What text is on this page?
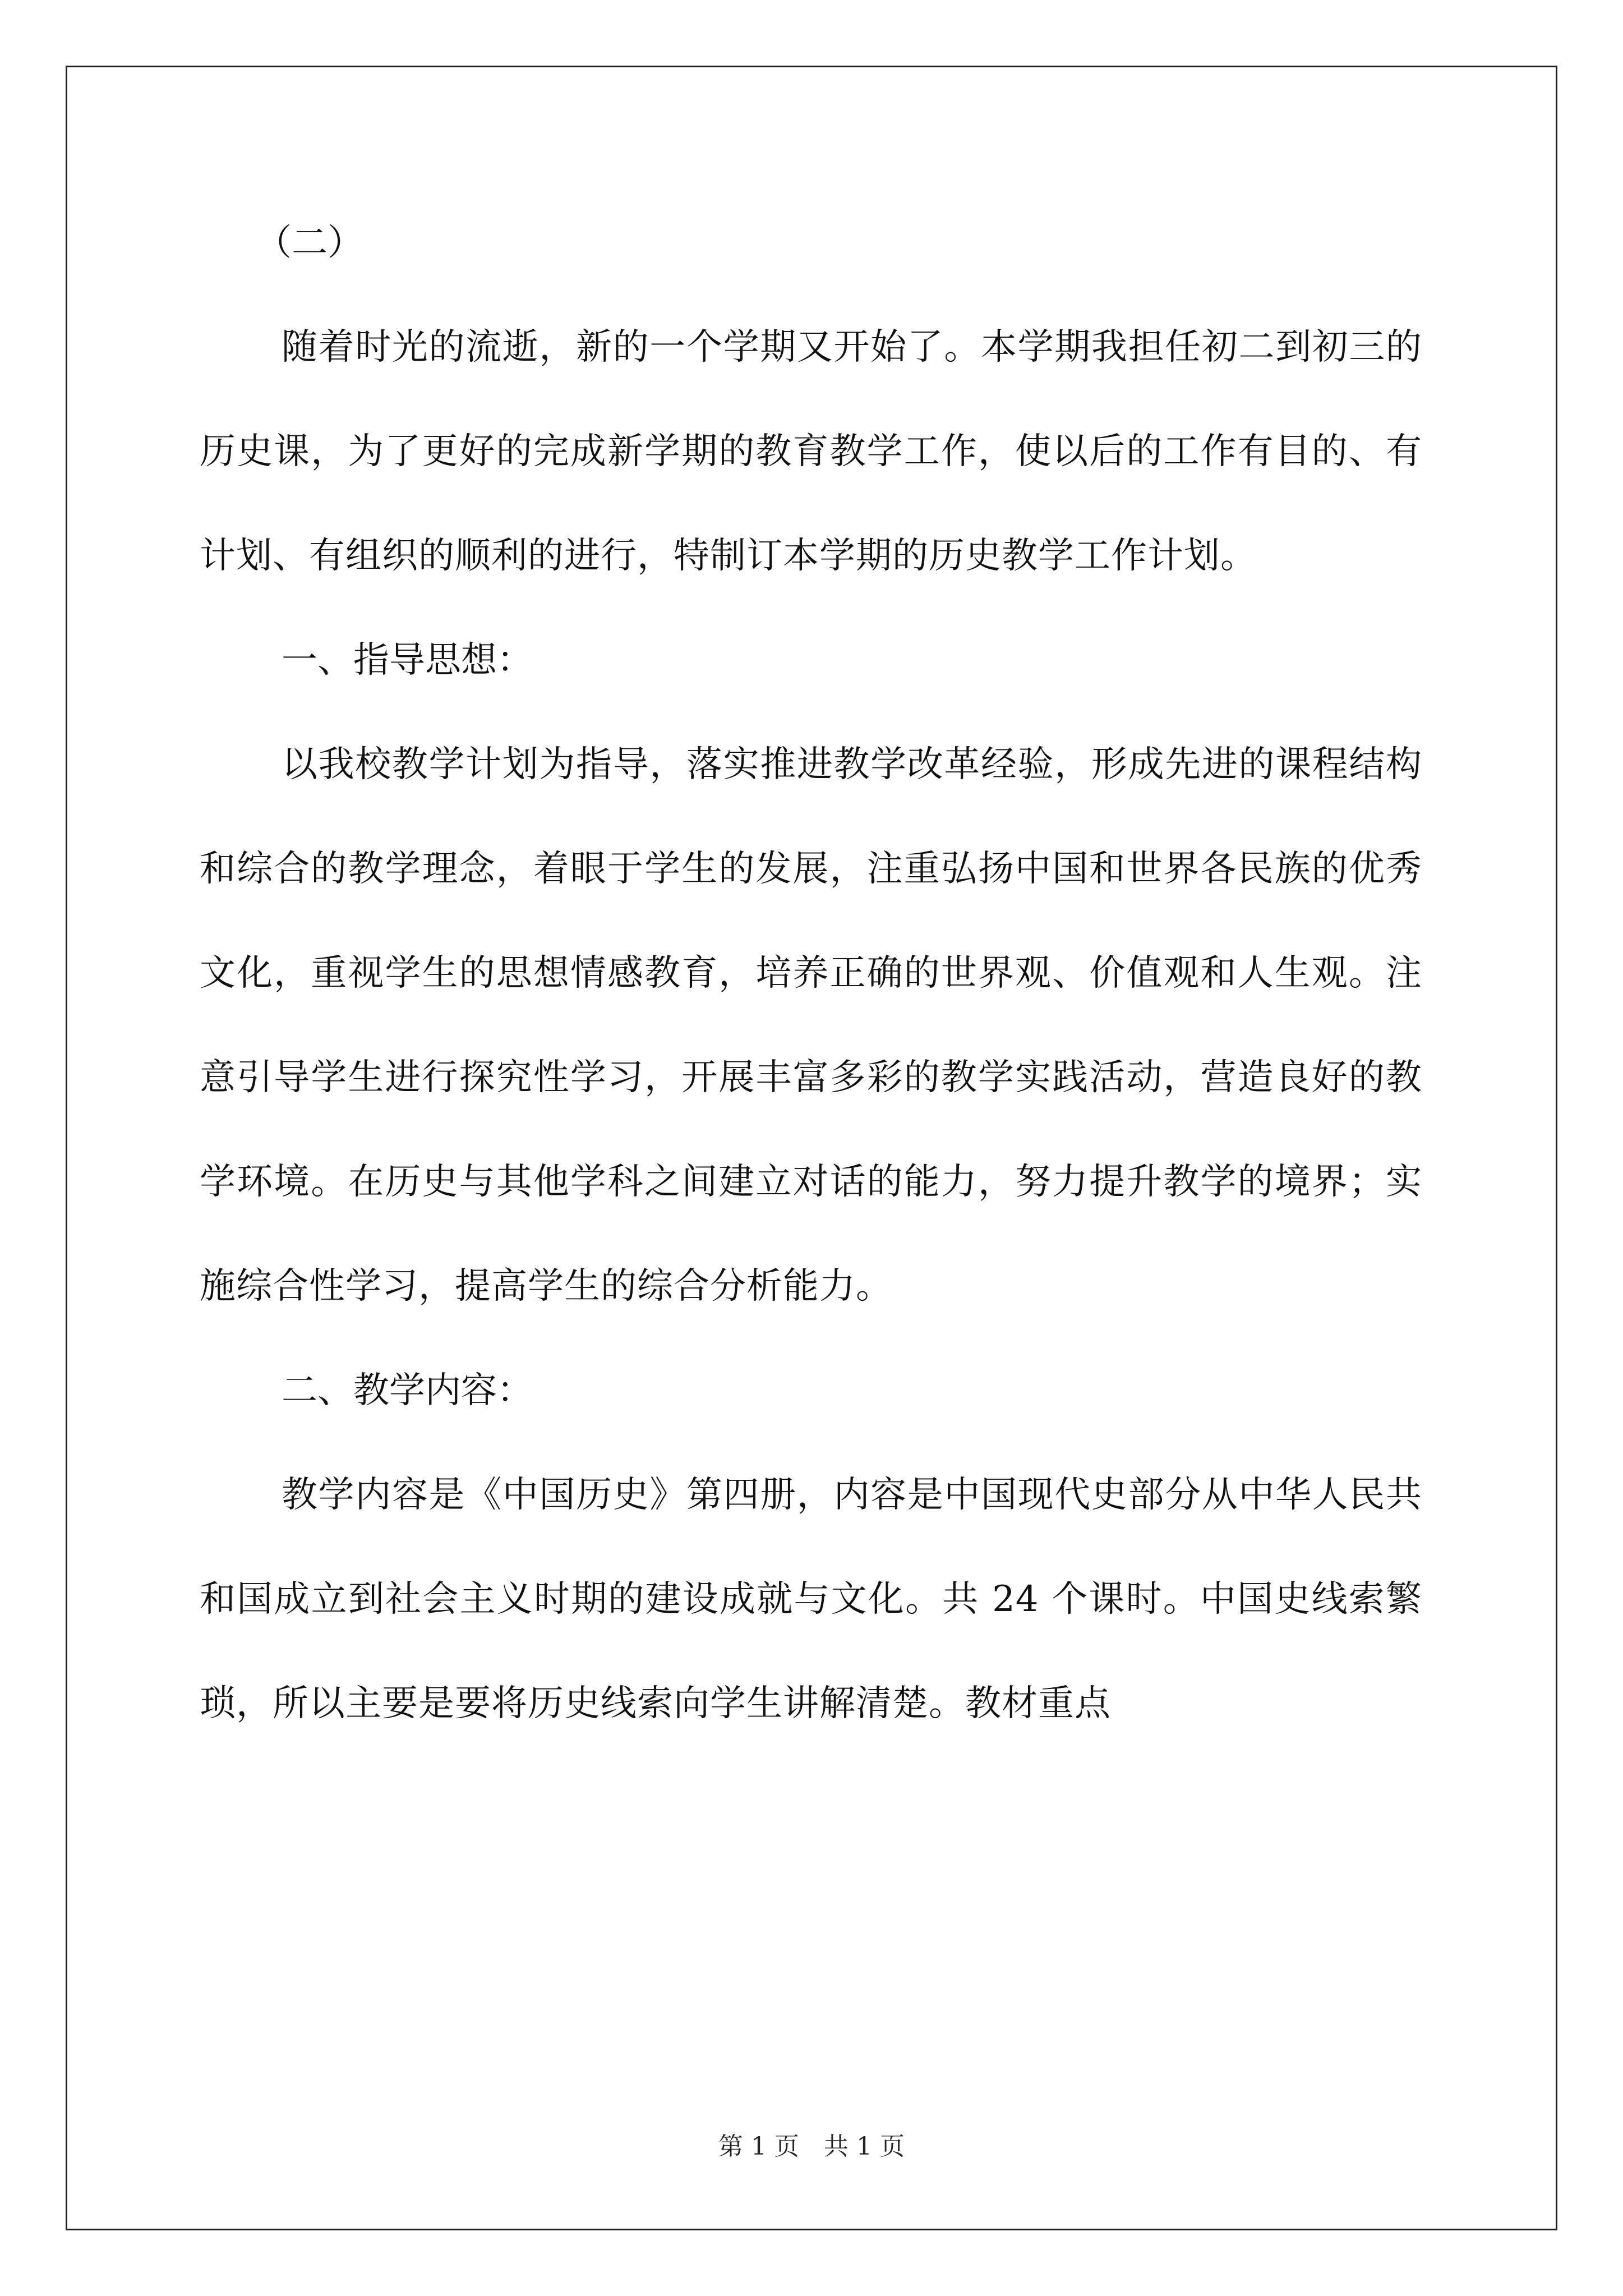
（二）

随着时光的流逝，新的一个学期又开始了。本学期我担任初二到初三的历史课，为了更好的完成新学期的教育教学工作，使以后的工作有目的、有计划、有组织的顺利的进行，特制订本学期的历史教学工作计划。

一、指导思想：

以我校教学计划为指导，落实推进教学改革经验，形成先进的课程结构和综合的教学理念，着眼于学生的发展，注重弘扬中国和世界各民族的优秀文化，重视学生的思想情感教育，培养正确的世界观、价值观和人生观。注意引导学生进行探究性学习，开展丰富多彩的教学实践活动，营造良好的教学环境。在历史与其他学科之间建立对话的能力，努力提升教学的境界；实施综合性学习，提高学生的综合分析能力。

二、教学内容：

教学内容是《中国历史》第四册，内容是中国现代史部分从中华人民共和国成立到社会主义时期的建设成就与文化。共 24 个课时。中国史线索繁琐，所以主要是要将历史线索向学生讲解清楚。教材重点

第 1 页　共 1 页
